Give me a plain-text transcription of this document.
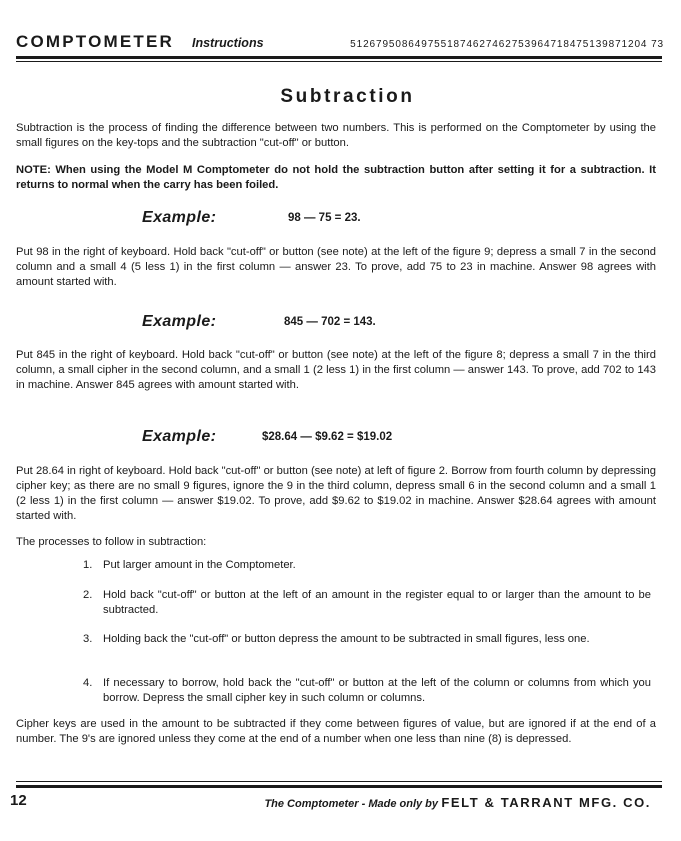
COMPTOMETER Instructions	5126795086497551874627462753964718475139871204 73
Subtraction

Subtraction is the process of finding the difference between two numbers. This is performed on the Comptometer by using the small figures on the key-tops and the subtraction "cut-off" or button.

NOTE: When using the Model M Comptometer do not hold the subtraction button after setting it for a subtraction. It returns to normal when the carry has been foiled.

Example:	98 — 75 = 23.

Put 98 in the right of keyboard. Hold back "cut-off" or button (see note) at the left of the figure 9; depress a small 7 in the second column and a small 4 (5 less 1) in the first column — answer 23. To prove, add 75 to 23 in machine. Answer 98 agrees with amount started with.

Example:	845 — 702 = 143.

Put 845 in the right of keyboard. Hold back "cut-off" or button (see note) at the left of the figure 8; depress a small 7 in the third column, a small cipher in the second column, and a small 1 (2 less 1) in the first column — answer 143. To prove, add 702 to 143 in machine. Answer 845 agrees with amount started with.

Example:	$28.64 — $9.62 = $19.02

Put 28.64 in right of keyboard. Hold back "cut-off" or button (see note) at left of figure 2. Borrow from fourth column by depressing cipher key; as there are no small 9 figures, ignore the 9 in the third column, depress small 6 in the second column and a small 1 (2 less 1) in the first column — answer $19.02. To prove, add $9.62 to $19.02 in machine. Answer $28.64 agrees with amount started with.

The processes to follow in subtraction:

1. Put larger amount in the Comptometer.
2. Hold back "cut-off" or button at the left of an amount in the register equal to or larger than the amount to be subtracted.
3. Holding back the "cut-off" or button depress the amount to be subtracted in small figures, less one.
4. If necessary to borrow, hold back the "cut-off" or button at the left of the column or columns from which you borrow. Depress the small cipher key in such column or columns.

Cipher keys are used in the amount to be subtracted if they come between figures of value, but are ignored if at the end of a number. The 9's are ignored unless they come at the end of a number when one less than nine (8) is depressed.

12	The Comptometer - Made only by FELT & TARRANT MFG. CO.
